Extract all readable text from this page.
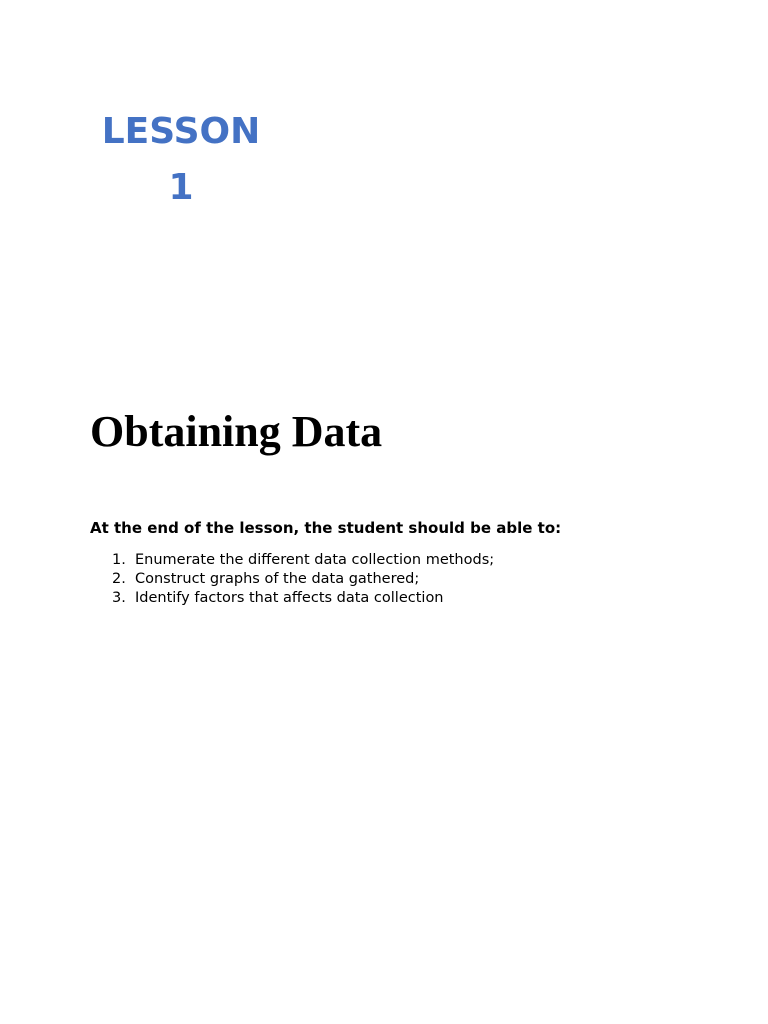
LESSON
1
Obtaining Data

At the end of the lesson, the student should be able to:

1. Enumerate the different data collection methods;
2. Construct graphs of the data gathered;
3. Identify factors that affects data collection
